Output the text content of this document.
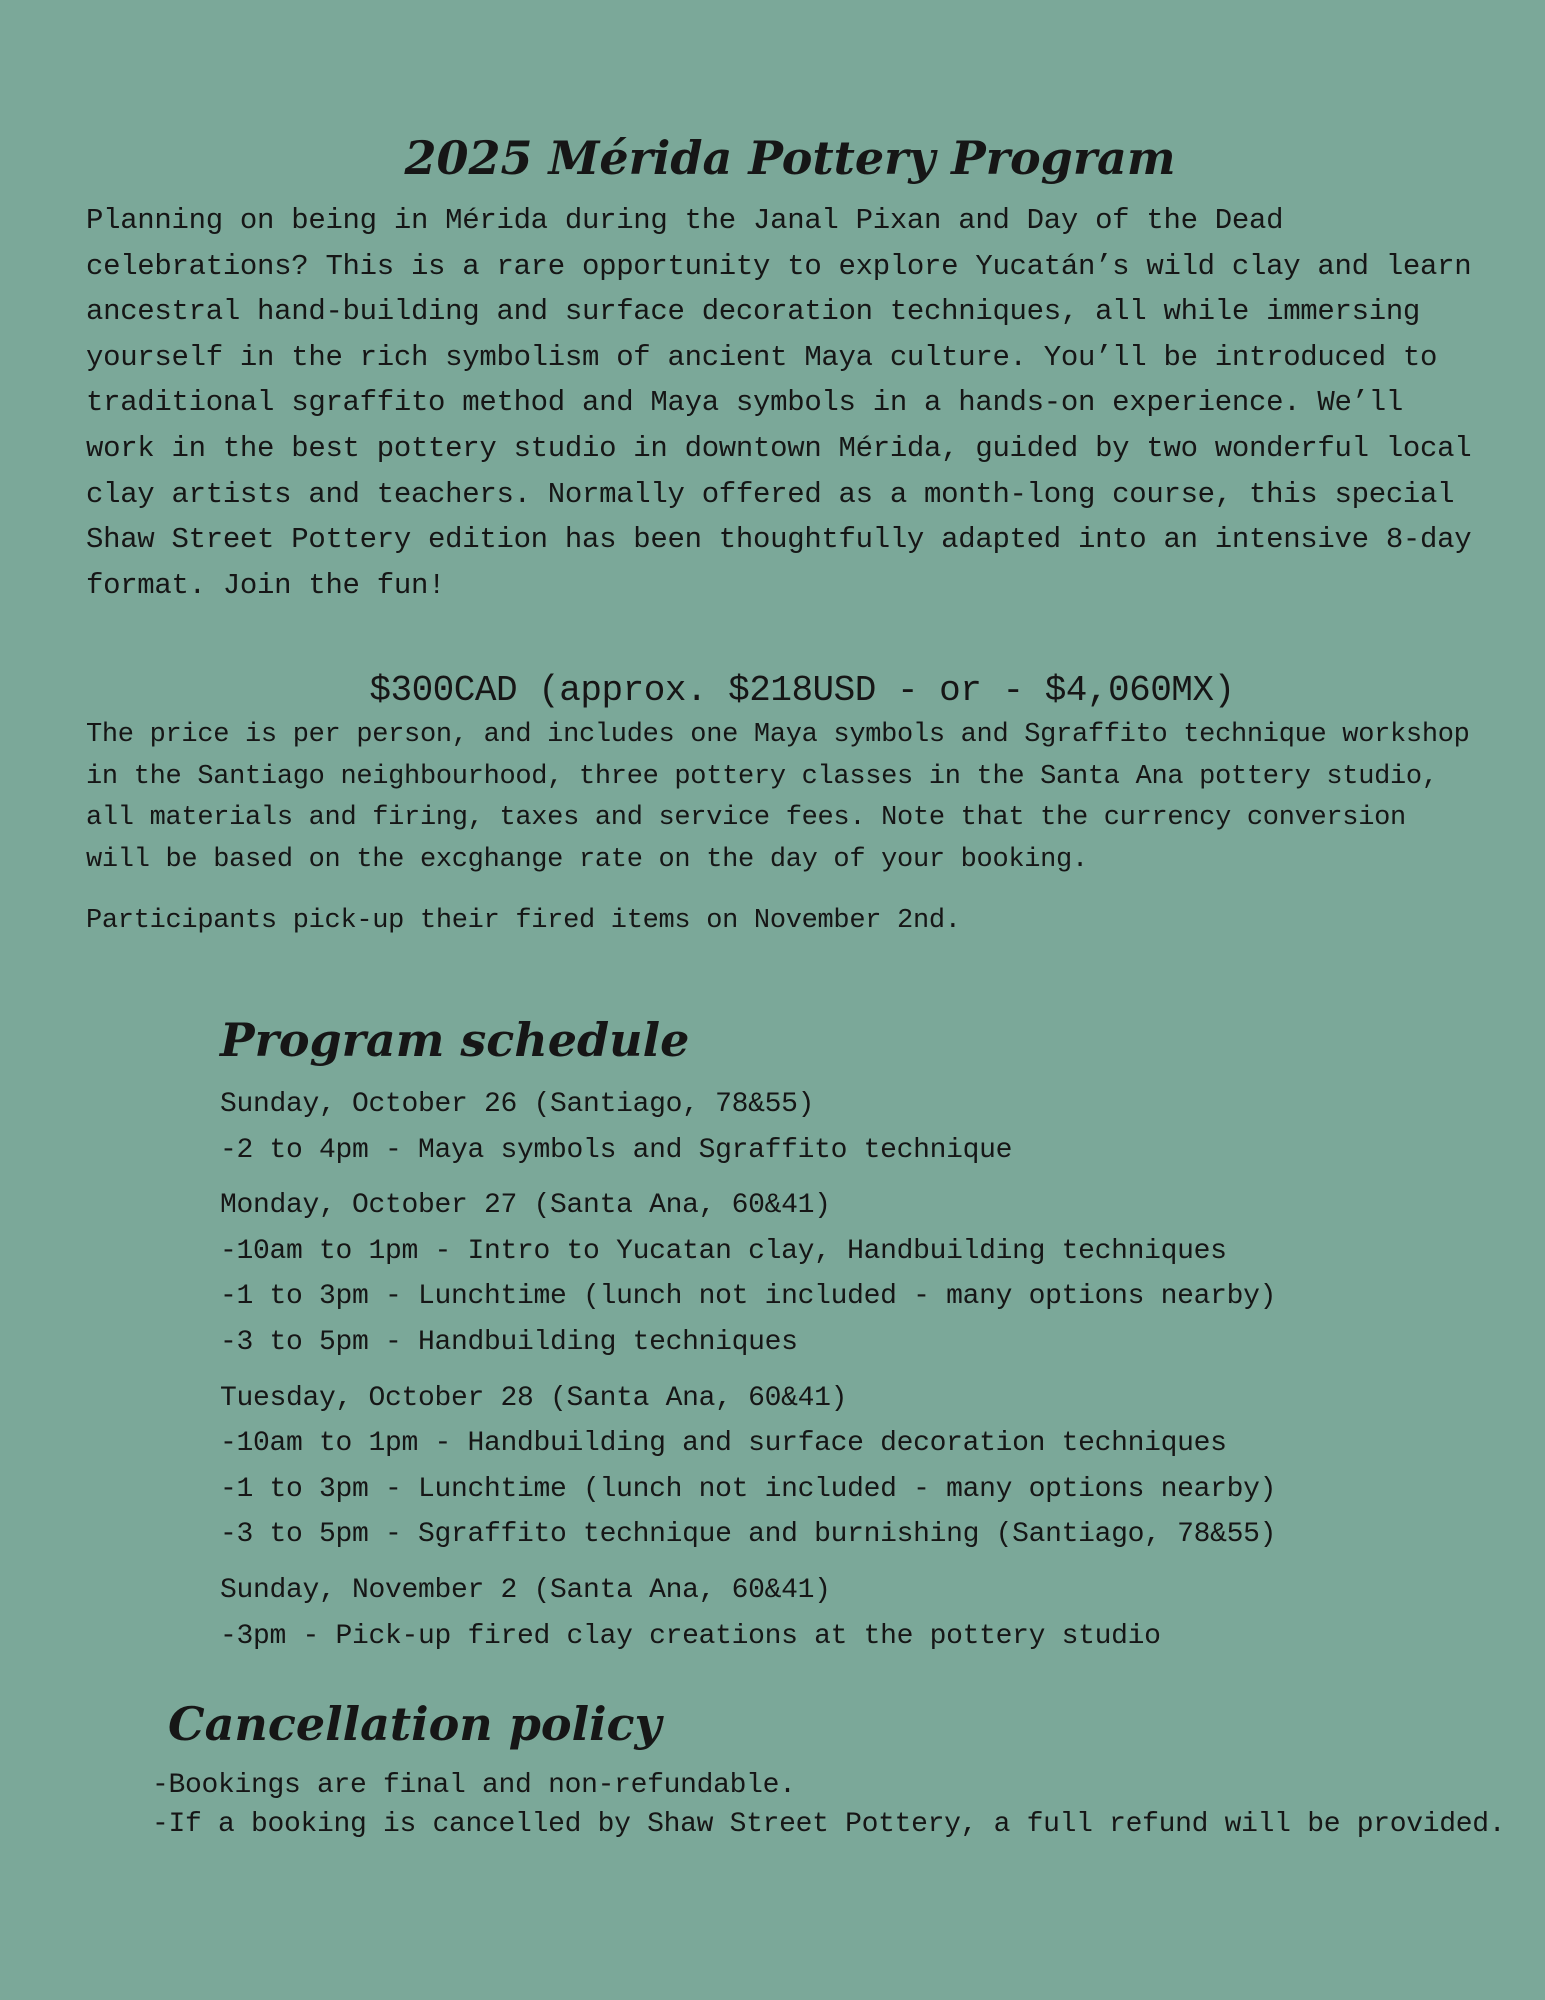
2025 Mérida Pottery Program

Planning on being in Mérida during the Janal Pixan and Day of the Dead celebrations? This is a rare opportunity to explore Yucatán’s wild clay and learn ancestral hand-building and surface decoration techniques, all while immersing yourself in the rich symbolism of ancient Maya culture. You’ll be introduced to traditional sgraffito method and Maya symbols in a hands-on experience. We’ll work in the best pottery studio in downtown Mérida, guided by two wonderful local clay artists and teachers. Normally offered as a month-long course, this special Shaw Street Pottery edition has been thoughtfully adapted into an intensive 8-day format. Join the fun!

$300CAD (approx. $218USD - or - $4,060MX)

The price is per person, and includes one Maya symbols and Sgraffito technique workshop in the Santiago neighbourhood, three pottery classes in the Santa Ana pottery studio, all materials and firing, taxes and service fees. Note that the currency conversion will be based on the excghange rate on the day of your booking.

Participants pick-up their fired items on November 2nd.

Program schedule

Sunday, October 26 (Santiago, 78&55)

-2 to 4pm - Maya symbols and Sgraffito technique

Monday, October 27 (Santa Ana, 60&41)

-10am to 1pm - Intro to Yucatan clay, Handbuilding techniques

-1 to 3pm - Lunchtime (lunch not included - many options nearby)

-3 to 5pm - Handbuilding techniques

Tuesday, October 28 (Santa Ana, 60&41)

-10am to 1pm - Handbuilding and surface decoration techniques

-1 to 3pm - Lunchtime (lunch not included - many options nearby)

-3 to 5pm - Sgraffito technique and burnishing (Santiago, 78&55)

Sunday, November 2 (Santa Ana, 60&41)

-3pm - Pick-up fired clay creations at the pottery studio

Cancellation policy
-Bookings are final and non-refundable.
-If a booking is cancelled by Shaw Street Pottery, a full refund will be provided.
